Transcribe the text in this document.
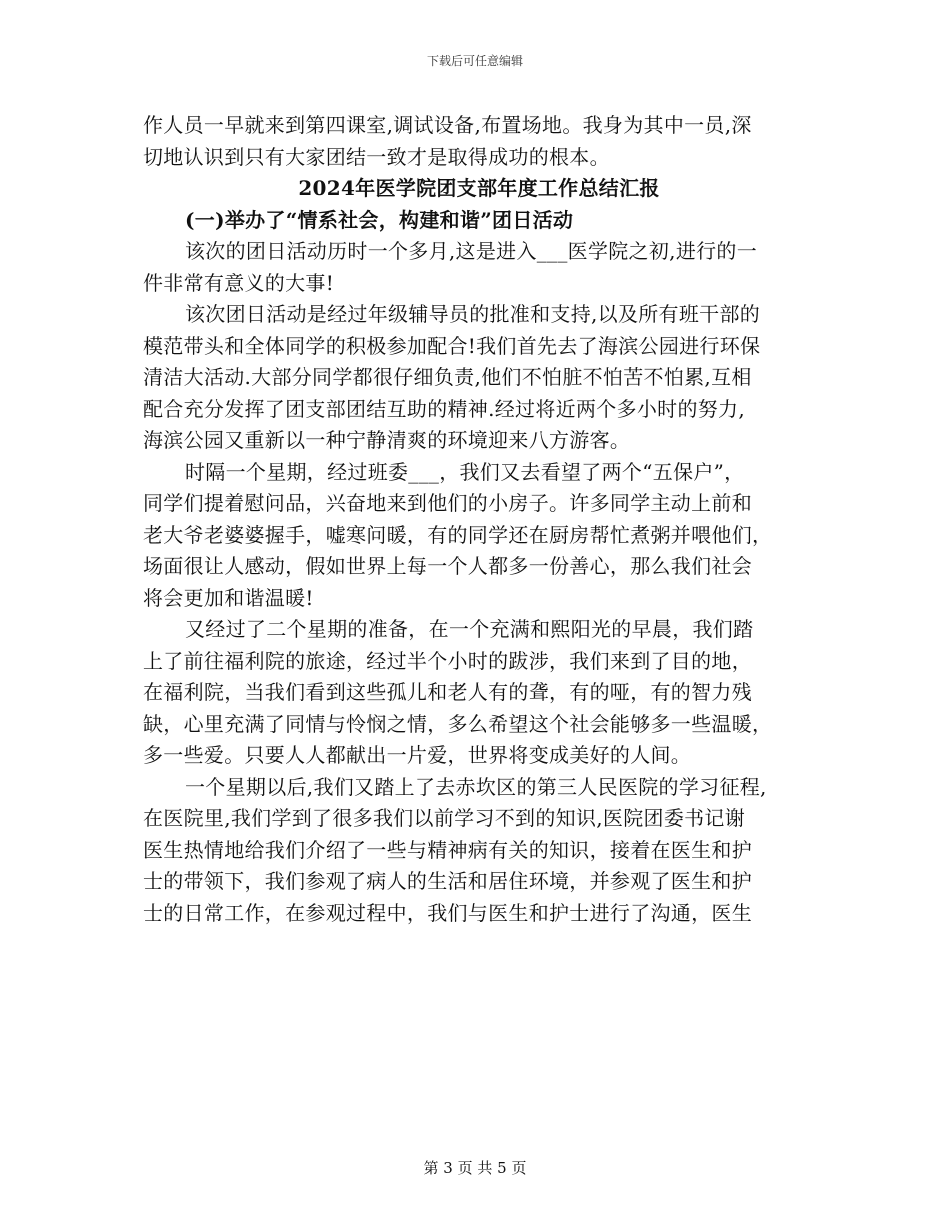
下载后可任意编辑
作人员一早就来到第四课室,调试设备,布置场地。我身为其中一员,深
切地认识到只有大家团结一致才是取得成功的根本。
2024年医学院团支部年度工作总结汇报
(一)举办了“情系社会，构建和谐”团日活动
该次的团日活动历时一个多月,这是进入___医学院之初,进行的一
件非常有意义的大事!
该次团日活动是经过年级辅导员的批准和支持,以及所有班干部的
模范带头和全体同学的积极参加配合!我们首先去了海滨公园进行环保
清洁大活动.大部分同学都很仔细负责,他们不怕脏不怕苦不怕累,互相
配合充分发挥了团支部团结互助的精神.经过将近两个多小时的努力,
海滨公园又重新以一种宁静清爽的环境迎来八方游客。
时隔一个星期，经过班委___，我们又去看望了两个“五保户”，
同学们提着慰问品，兴奋地来到他们的小房子。许多同学主动上前和
老大爷老婆婆握手，嘘寒问暖，有的同学还在厨房帮忙煮粥并喂他们，
场面很让人感动，假如世界上每一个人都多一份善心，那么我们社会
将会更加和谐温暖!
又经过了二个星期的准备，在一个充满和熙阳光的早晨，我们踏
上了前往福利院的旅途，经过半个小时的跋涉，我们来到了目的地，
在福利院，当我们看到这些孤儿和老人有的聋，有的哑，有的智力残
缺，心里充满了同情与怜悯之情，多么希望这个社会能够多一些温暖，
多一些爱。只要人人都献出一片爱，世界将变成美好的人间。
一个星期以后,我们又踏上了去赤坎区的第三人民医院的学习征程,
在医院里,我们学到了很多我们以前学习不到的知识,医院团委书记谢
医生热情地给我们介绍了一些与精神病有关的知识，接着在医生和护
士的带领下，我们参观了病人的生活和居住环境，并参观了医生和护
士的日常工作，在参观过程中，我们与医生和护士进行了沟通，医生
第 3 页 共 5 页
